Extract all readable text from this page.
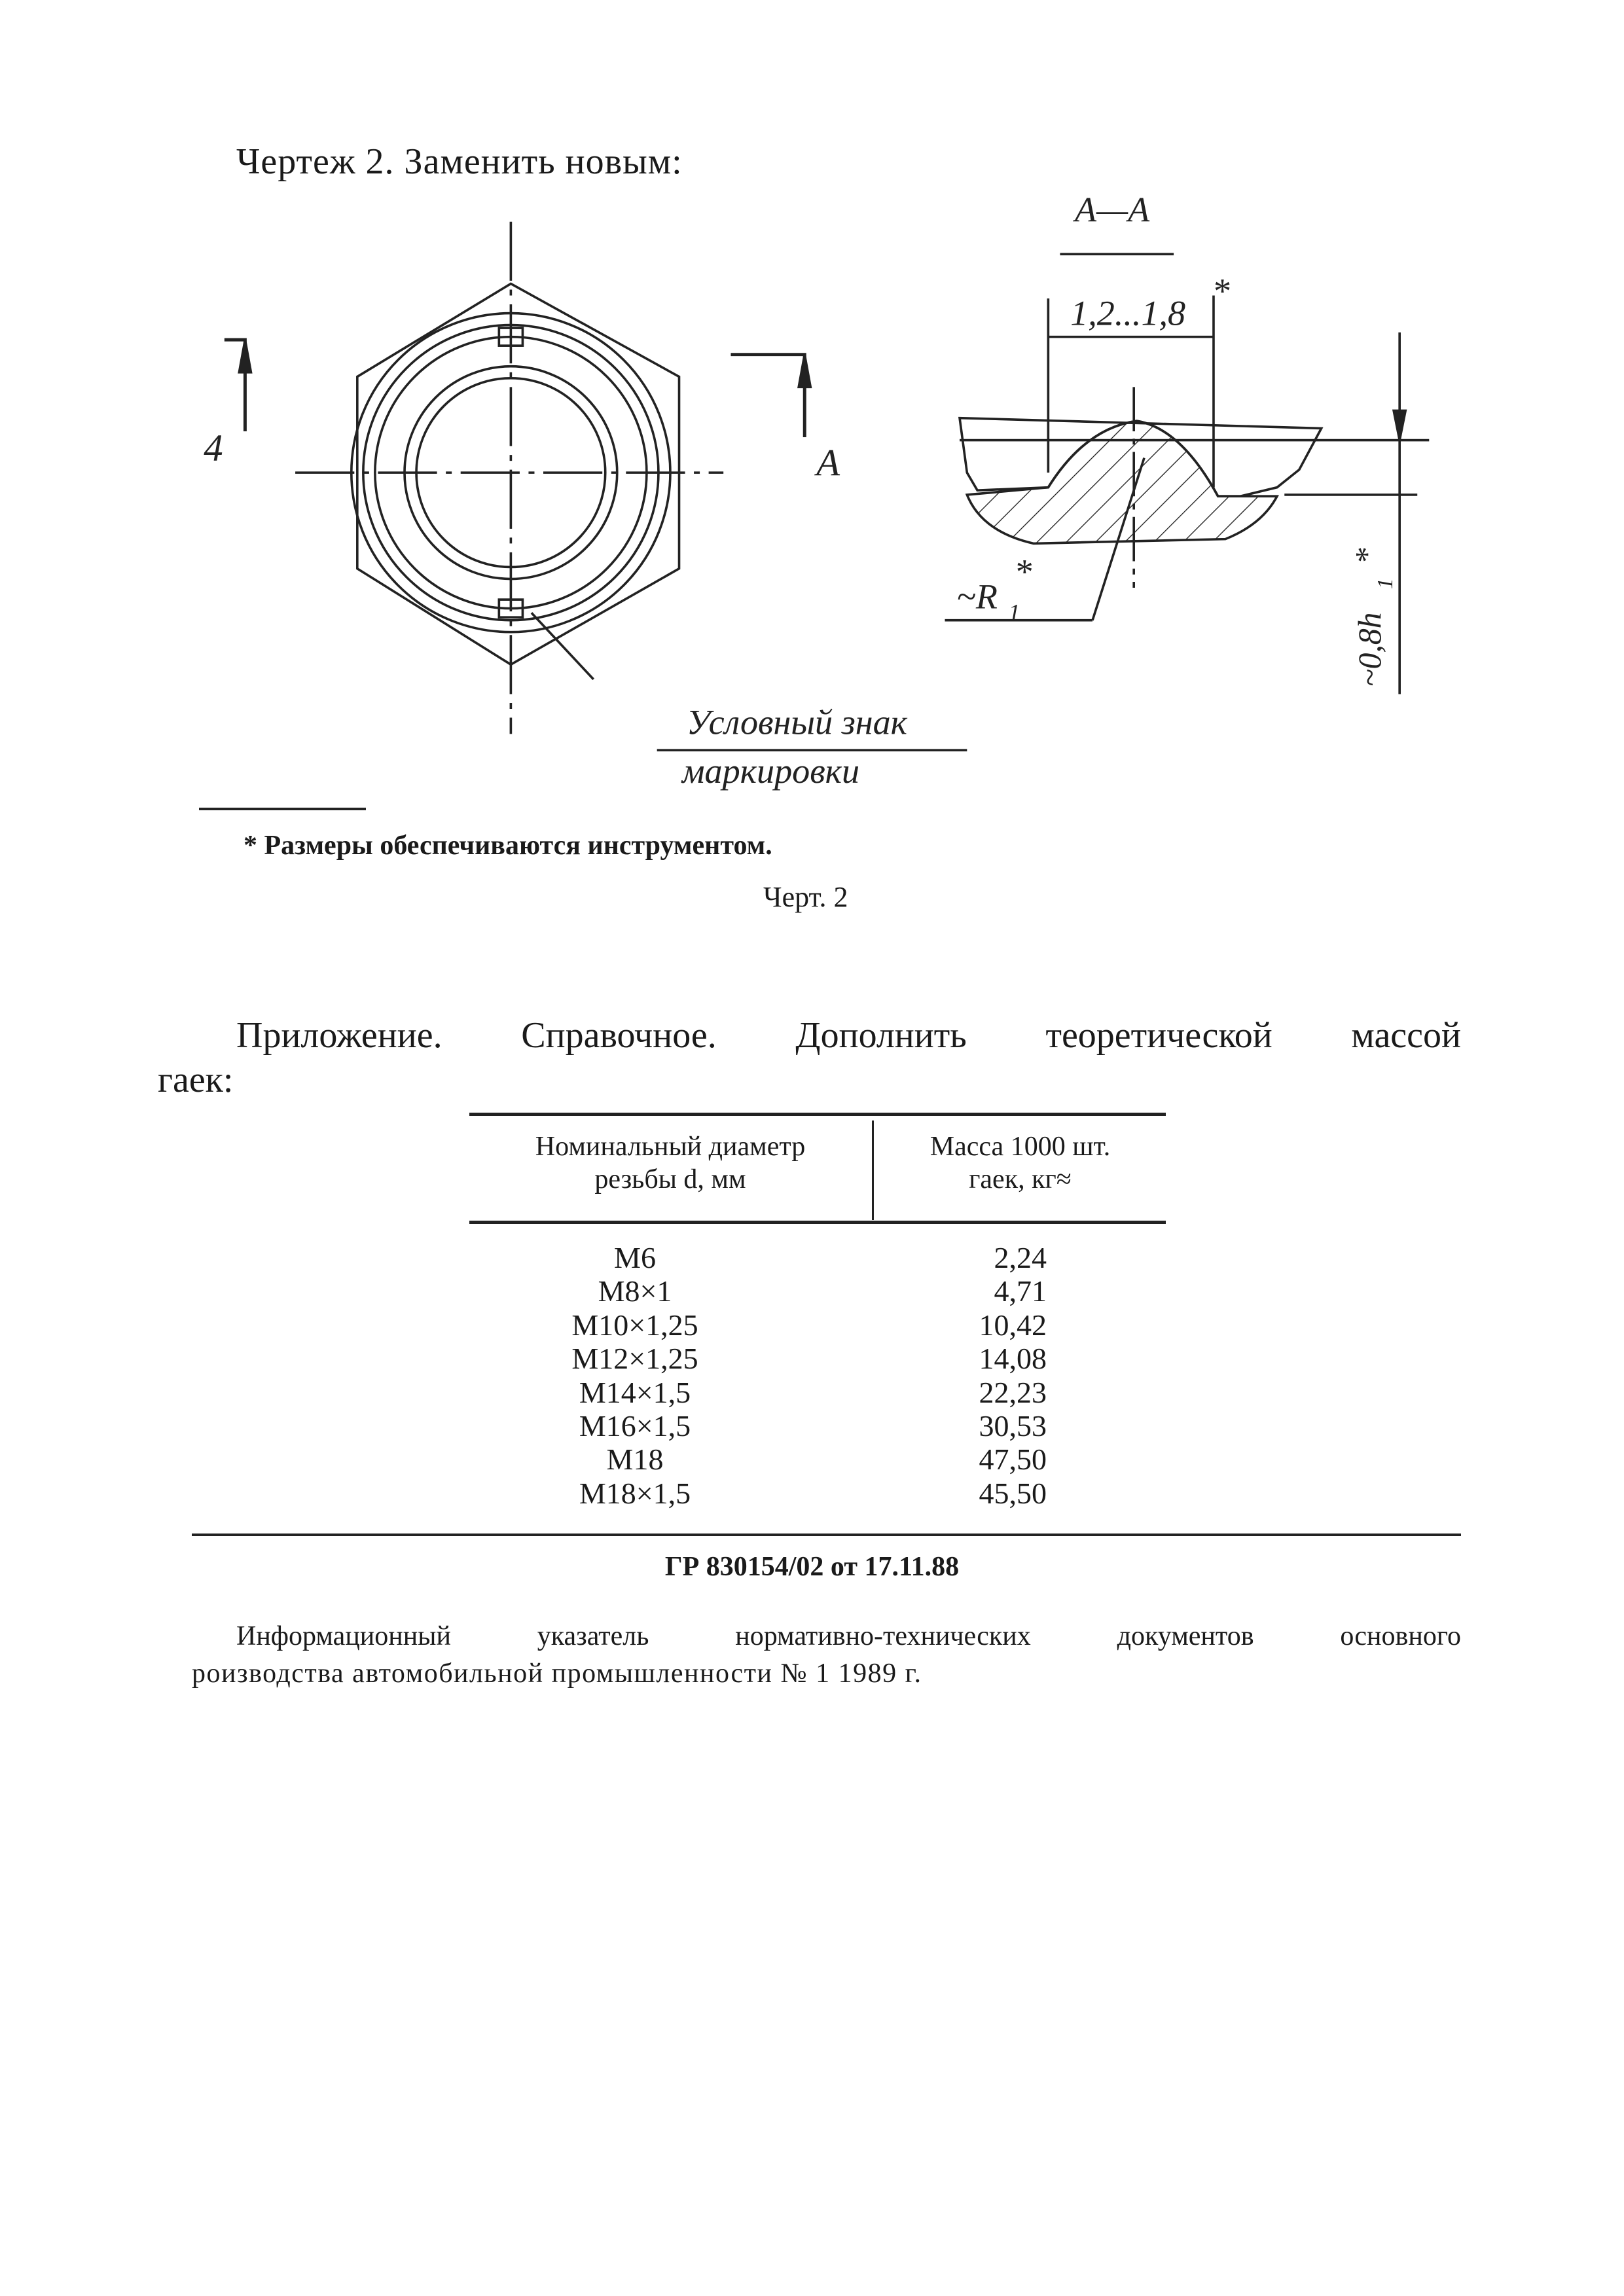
Чертеж 2. Заменить новым:
4	А
А—А
1,2...1,8
*
~R 1
*
~0,8h
1
*
Условный знак
маркировки
* Размеры обеспечиваются инструментом.
Черт. 2
Приложение. Справочное. Дополнить теоретической массой
гаек:
Номинальный диаметр
резьбы d, мм
Масса 1000 шт.
гаек, кг≈
М6	2,24
М8×1	4,71
М10×1,25	10,42
М12×1,25	14,08
М14×1,5	22,23
М16×1,5	30,53
М18	47,50
М18×1,5	45,50
ГР 830154/02 от 17.11.88
Информационный указатель нормативно-технических документов основного
роизводства автомобильной промышленности № 1 1989 г.
